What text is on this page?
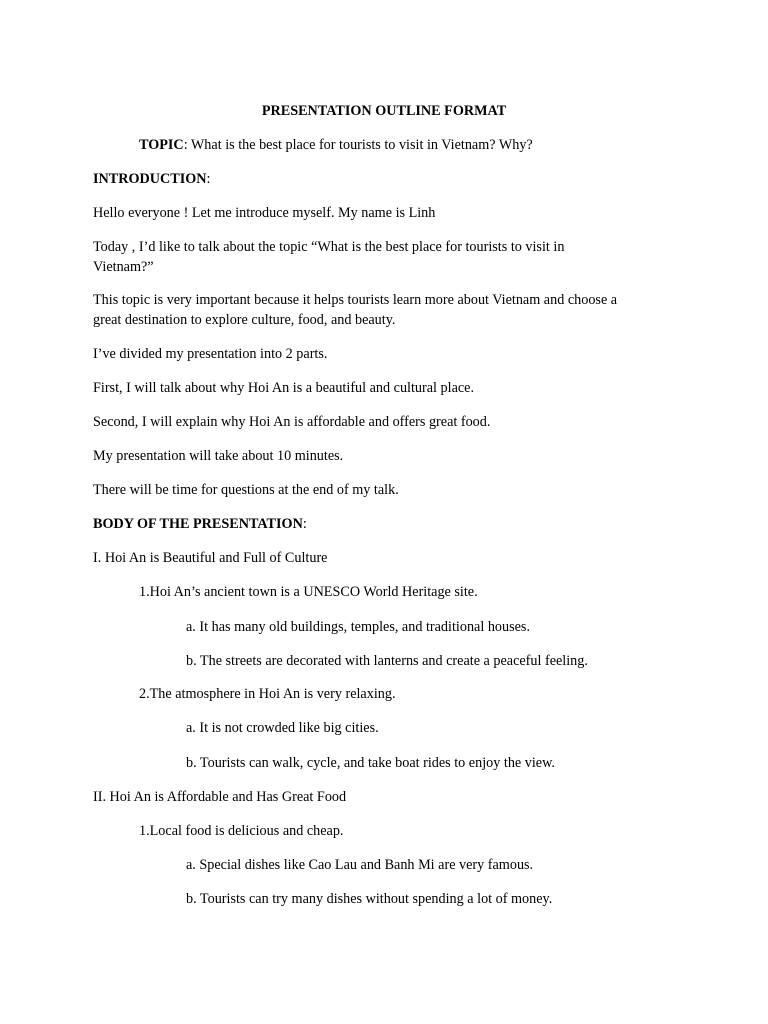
PRESENTATION OUTLINE FORMAT
TOPIC: What is the best place for tourists to visit in Vietnam? Why?
INTRODUCTION:
Hello everyone ! Let me introduce myself. My name is Linh
Today , I’d like to talk about the topic “What is the best place for tourists to visit in
Vietnam?”
This topic is very important because it helps tourists learn more about Vietnam and choose a
great destination to explore culture, food, and beauty.
I’ve divided my presentation into 2 parts.
First, I will talk about why Hoi An is a beautiful and cultural place.
Second, I will explain why Hoi An is affordable and offers great food.
My presentation will take about 10 minutes.
There will be time for questions at the end of my talk.
BODY OF THE PRESENTATION:
I. Hoi An is Beautiful and Full of Culture
1.Hoi An’s ancient town is a UNESCO World Heritage site.
a. It has many old buildings, temples, and traditional houses.
b. The streets are decorated with lanterns and create a peaceful feeling.
2.The atmosphere in Hoi An is very relaxing.
a. It is not crowded like big cities.
b. Tourists can walk, cycle, and take boat rides to enjoy the view.
II. Hoi An is Affordable and Has Great Food
1.Local food is delicious and cheap.
a. Special dishes like Cao Lau and Banh Mi are very famous.
b. Tourists can try many dishes without spending a lot of money.
